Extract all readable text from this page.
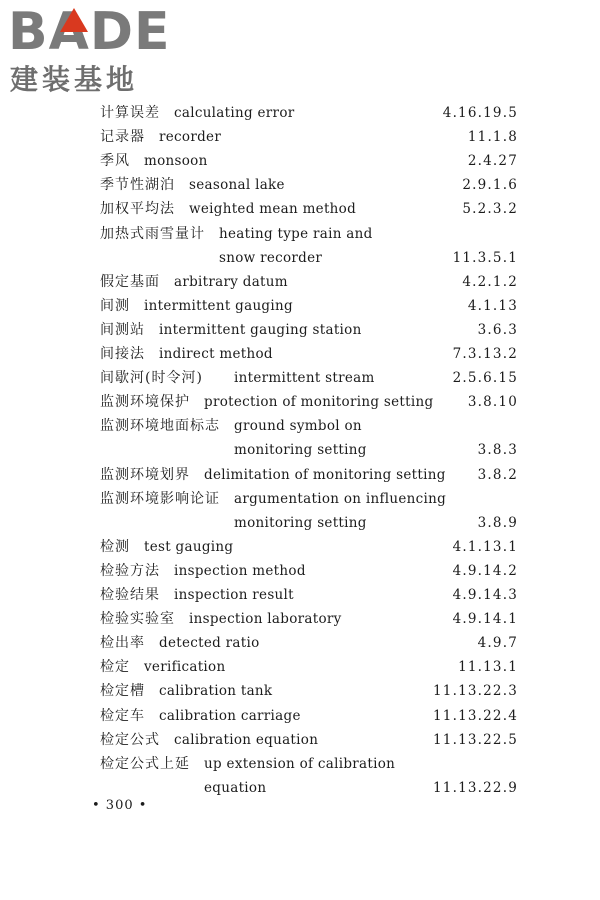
BADE
建装基地
计算误差 calculating error	4.16.19.5
记录器 recorder	11.1.8
季风 monsoon	2.4.27
季节性湖泊 seasonal lake	2.9.1.6
加权平均法 weighted mean method	5.2.3.2
加热式雨雪量计 heating type rain and
snow recorder	11.3.5.1
假定基面 arbitrary datum	4.2.1.2
间测 intermittent gauging	4.1.13
间测站 intermittent gauging station	3.6.3
间接法 indirect method	7.3.13.2
间歇河(时令河) intermittent stream	2.5.6.15
监测环境保护 protection of monitoring setting	3.8.10
监测环境地面标志 ground symbol on
monitoring setting	3.8.3
监测环境划界 delimitation of monitoring setting 3.8.2
监测环境影响论证 argumentation on influencing
monitoring setting	3.8.9
检测 test gauging	4.1.13.1
检验方法 inspection method	4.9.14.2
检验结果 inspection result	4.9.14.3
检验实验室 inspection laboratory	4.9.14.1
检出率 detected ratio	4.9.7
检定 verification	11.13.1
检定槽 calibration tank	11.13.22.3
检定车 calibration carriage	11.13.22.4
检定公式 calibration equation	11.13.22.5
检定公式上延 up extension of calibration
equation	11.13.22.9
• 300 •
